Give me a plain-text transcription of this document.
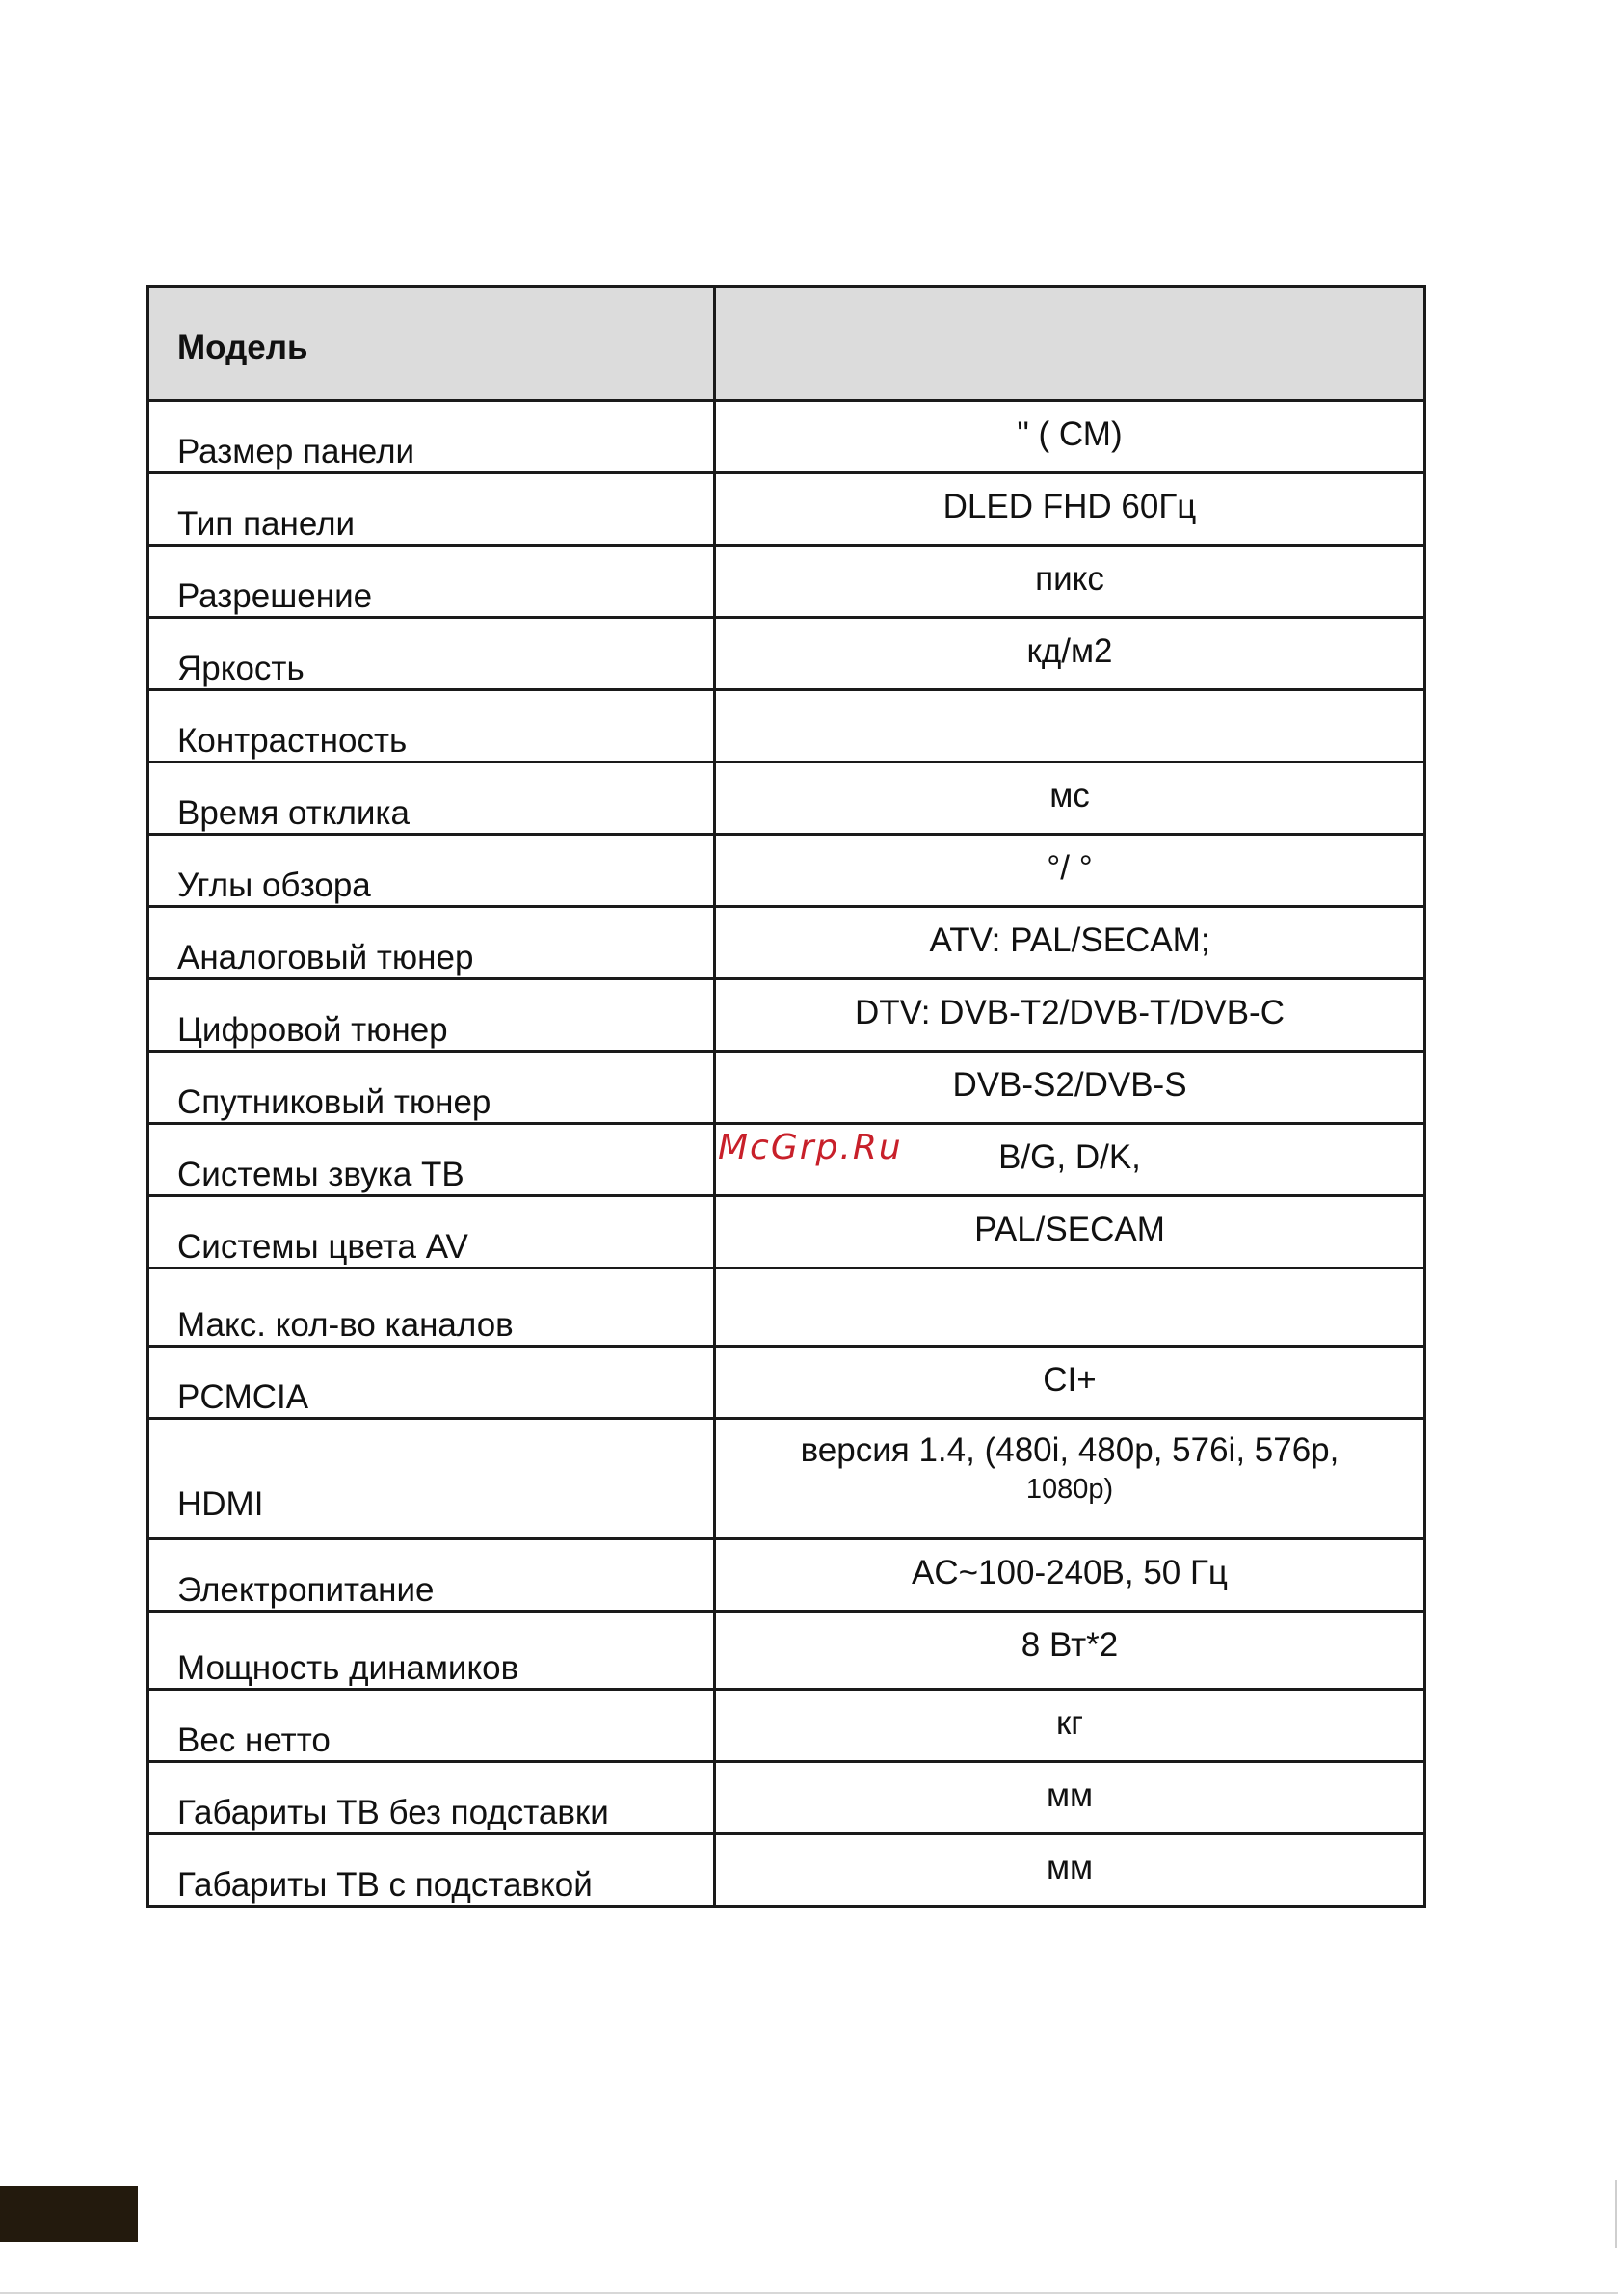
Модель	
Размер панели	" ( СМ)
Тип панели	DLED FHD 60Гц
Разрешение	пикс
Яркость	кд/м2
Контрастность	
Время отклика	мс
Углы обзора	°/ °
Аналоговый тюнер	ATV: PAL/SECAM;
Цифровой тюнер	DTV: DVB-T2/DVB-T/DVB-C
Спутниковый тюнер	DVB-S2/DVB-S
Системы звука ТВ	B/G, D/K,
Системы цвета AV	PAL/SECAM
Макс. кол-во каналов	
PCMCIA	CI+
HDMI	версия 1.4, (480i, 480p, 576i, 576p,
1080p)

Электропитание	AC~100-240В, 50 Гц
Мощность динамиков	8 Вт*2
Вес нетто	кг
Габариты ТВ без подставки	мм
Габариты ТВ с подставкой	мм
McGrp.Ru
